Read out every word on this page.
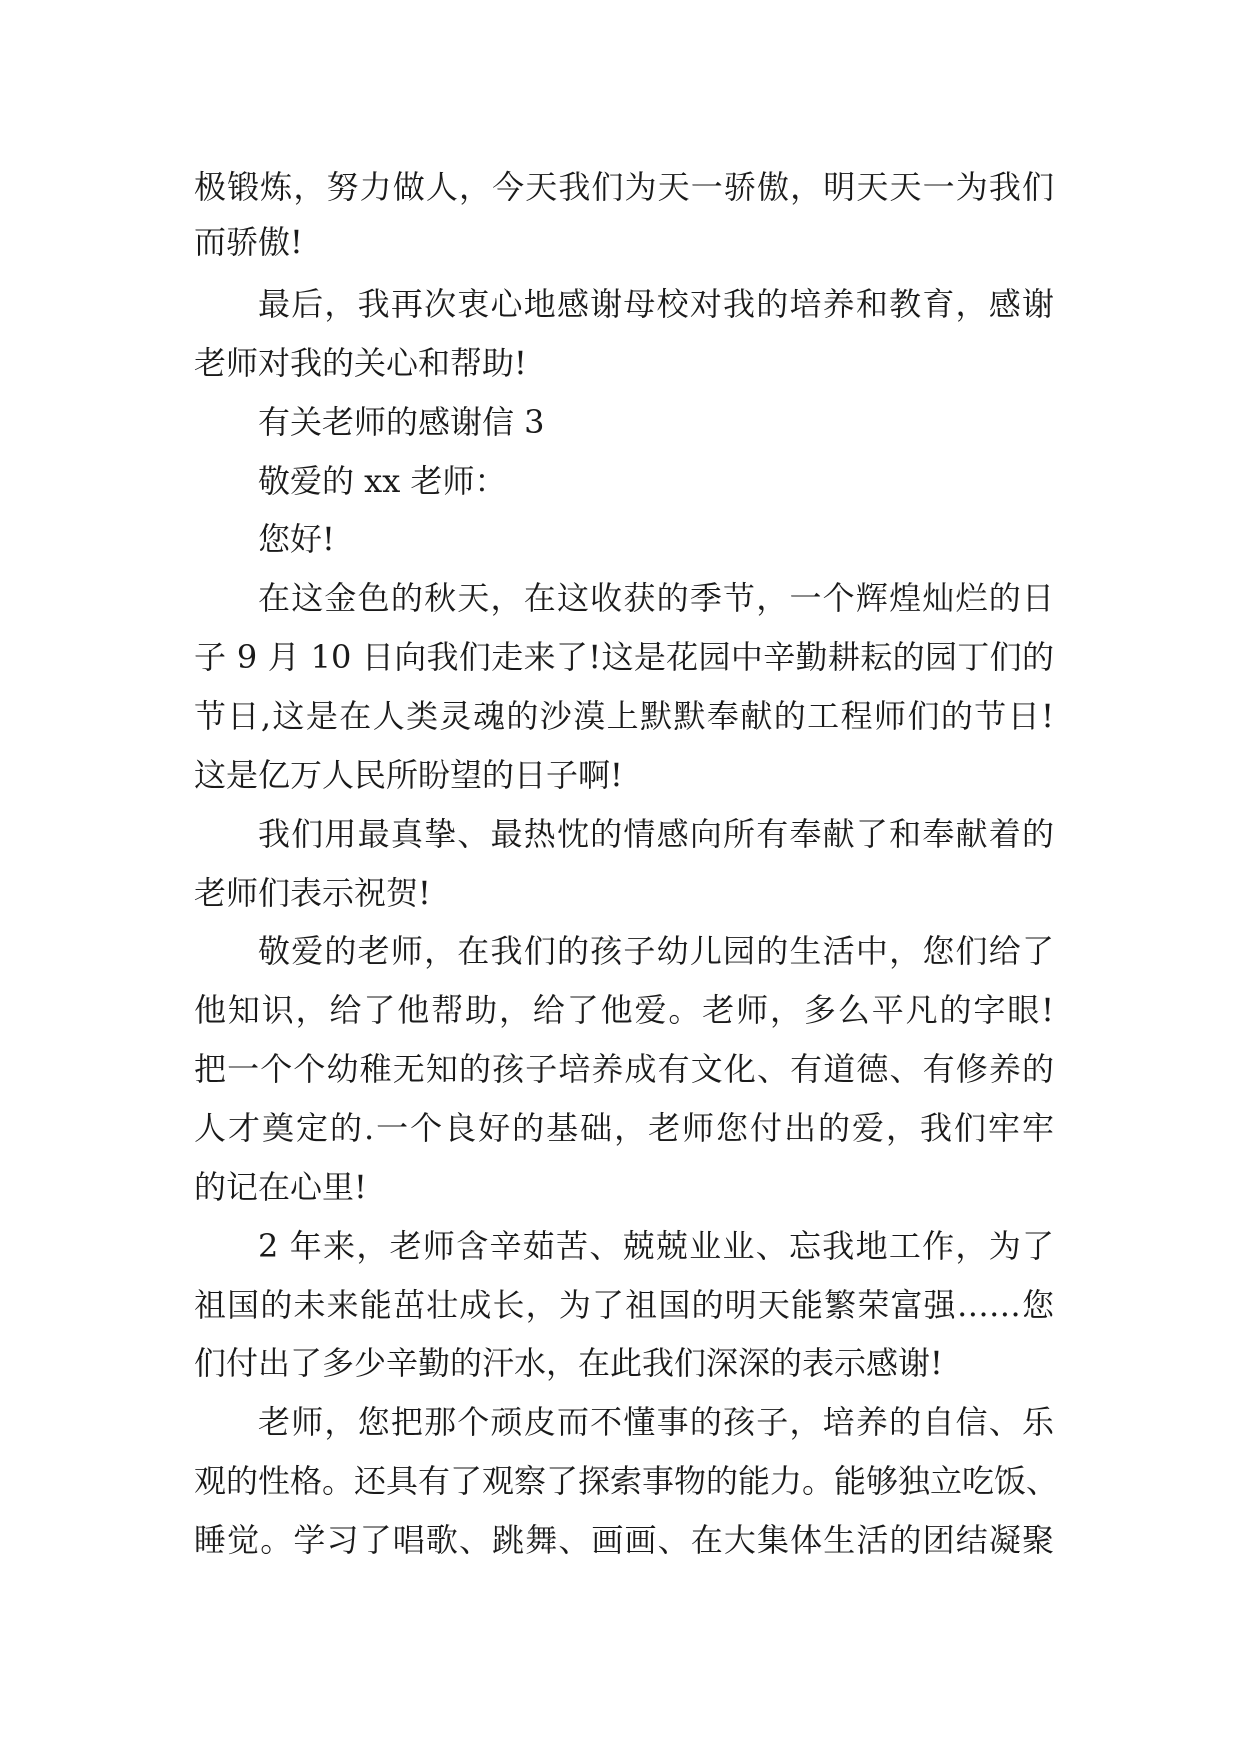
极锻炼，努力做人，今天我们为天一骄傲，明天天一为我们
而骄傲!
最后，我再次衷心地感谢母校对我的培养和教育，感谢
老师对我的关心和帮助!
有关老师的感谢信 3
敬爱的 xx 老师：
您好!
在这金色的秋天，在这收获的季节，一个辉煌灿烂的日
子 9 月 10 日向我们走来了!这是花园中辛勤耕耘的园丁们的
节日,这是在人类灵魂的沙漠上默默奉献的工程师们的节日!
这是亿万人民所盼望的日子啊!
我们用最真挚、最热忱的情感向所有奉献了和奉献着的
老师们表示祝贺!
敬爱的老师，在我们的孩子幼儿园的生活中，您们给了
他知识，给了他帮助，给了他爱。老师，多么平凡的字眼!
把一个个幼稚无知的孩子培养成有文化、有道德、有修养的
人才奠定的.一个良好的基础，老师您付出的爱，我们牢牢
的记在心里!
2 年来，老师含辛茹苦、兢兢业业、忘我地工作，为了
祖国的未来能茁壮成长，为了祖国的明天能繁荣富强……您
们付出了多少辛勤的汗水，在此我们深深的表示感谢!
老师，您把那个顽皮而不懂事的孩子，培养的自信、乐
观的性格。还具有了观察了探索事物的能力。能够独立吃饭、
睡觉。学习了唱歌、跳舞、画画、在大集体生活的团结凝聚
